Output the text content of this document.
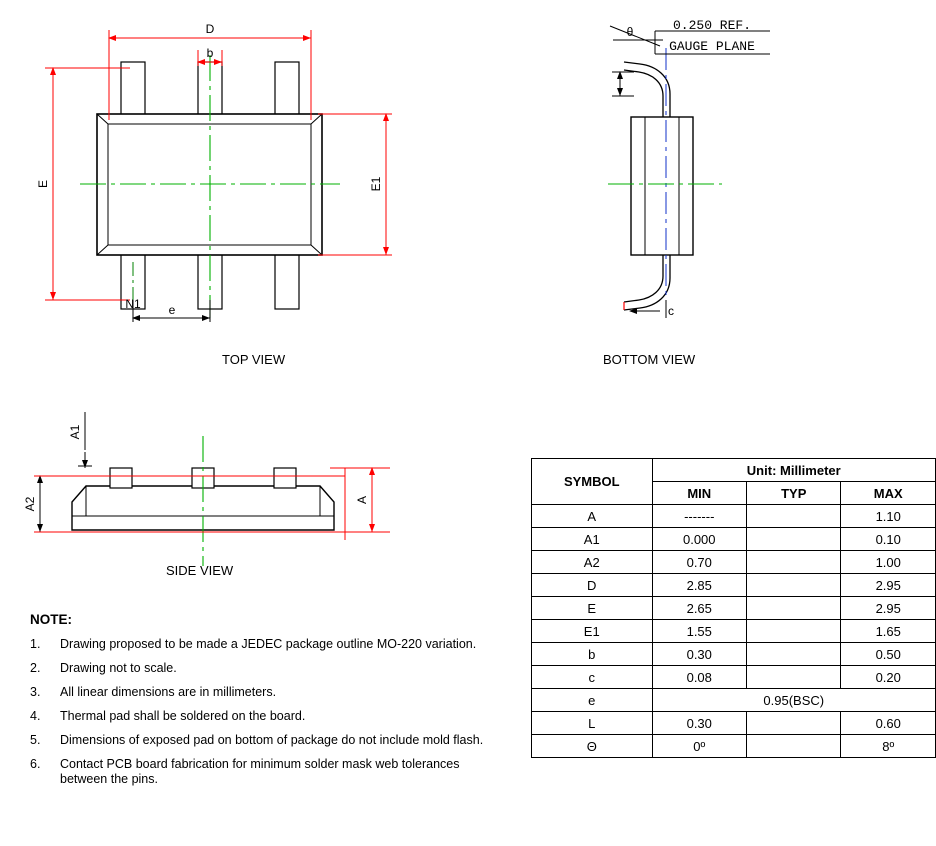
D
b
E	E1
N1 e
θ	0.250 REF.
GAUGE PLANE
c
A1
A2	A
TOP VIEW	BOTTOM VIEW
SIDE VIEW
NOTE:
1.	Drawing proposed to be made a JEDEC package outline MO-220 variation.
2.	Drawing not to scale.
3.	All linear dimensions are in millimeters.
4.	Thermal pad shall be soldered on the board.
5.	Dimensions of exposed pad on bottom of package do not include mold flash.
6.	Contact PCB board fabrication for minimum solder mask web tolerances between the pins.
SYMBOL	Unit: Millimeter		
	MIN	TYP	MAX
A	-------		1.10
A1	0.000		0.10
A2	0.70		1.00
D	2.85		2.95
E	2.65		2.95
E1	1.55		1.65
b	0.30		0.50
c	0.08		0.20
e	0.95(BSC)		
L	0.30		0.60
Θ	0º		8º
